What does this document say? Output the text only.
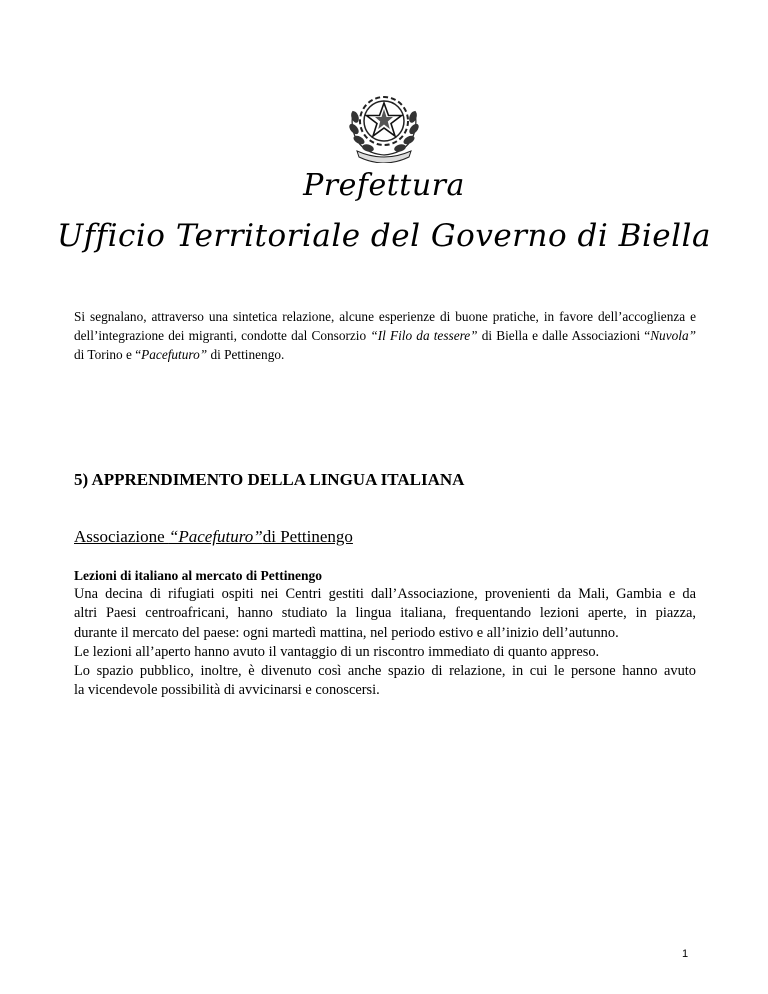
Prefettura
Ufficio Territoriale del Governo di Biella

Si segnalano, attraverso una sintetica relazione, alcune esperienze di buone pratiche, in favore dell’accoglienza e dell’integrazione dei migranti, condotte dal Consorzio “Il Filo da tessere” di Biella e dalle Associazioni “Nuvola” di Torino e “Pacefuturo” di Pettinengo.

5) APPRENDIMENTO DELLA LINGUA ITALIANA

Associazione “Pacefuturo”di Pettinengo

Lezioni di italiano al mercato di Pettinengo

Una decina di rifugiati ospiti nei Centri gestiti dall’Associazione, provenienti da Mali, Gambia e da
altri Paesi centroafricani, hanno studiato la lingua italiana, frequentando lezioni aperte, in piazza,
durante il mercato del paese: ogni martedì mattina, nel periodo estivo e all’inizio dell’autunno.
Le lezioni all’aperto hanno avuto il vantaggio di un riscontro immediato di quanto appreso.
Lo spazio pubblico, inoltre, è divenuto così anche spazio di relazione, in cui le persone hanno avuto
la vicendevole possibilità di avvicinarsi e conoscersi.
1
